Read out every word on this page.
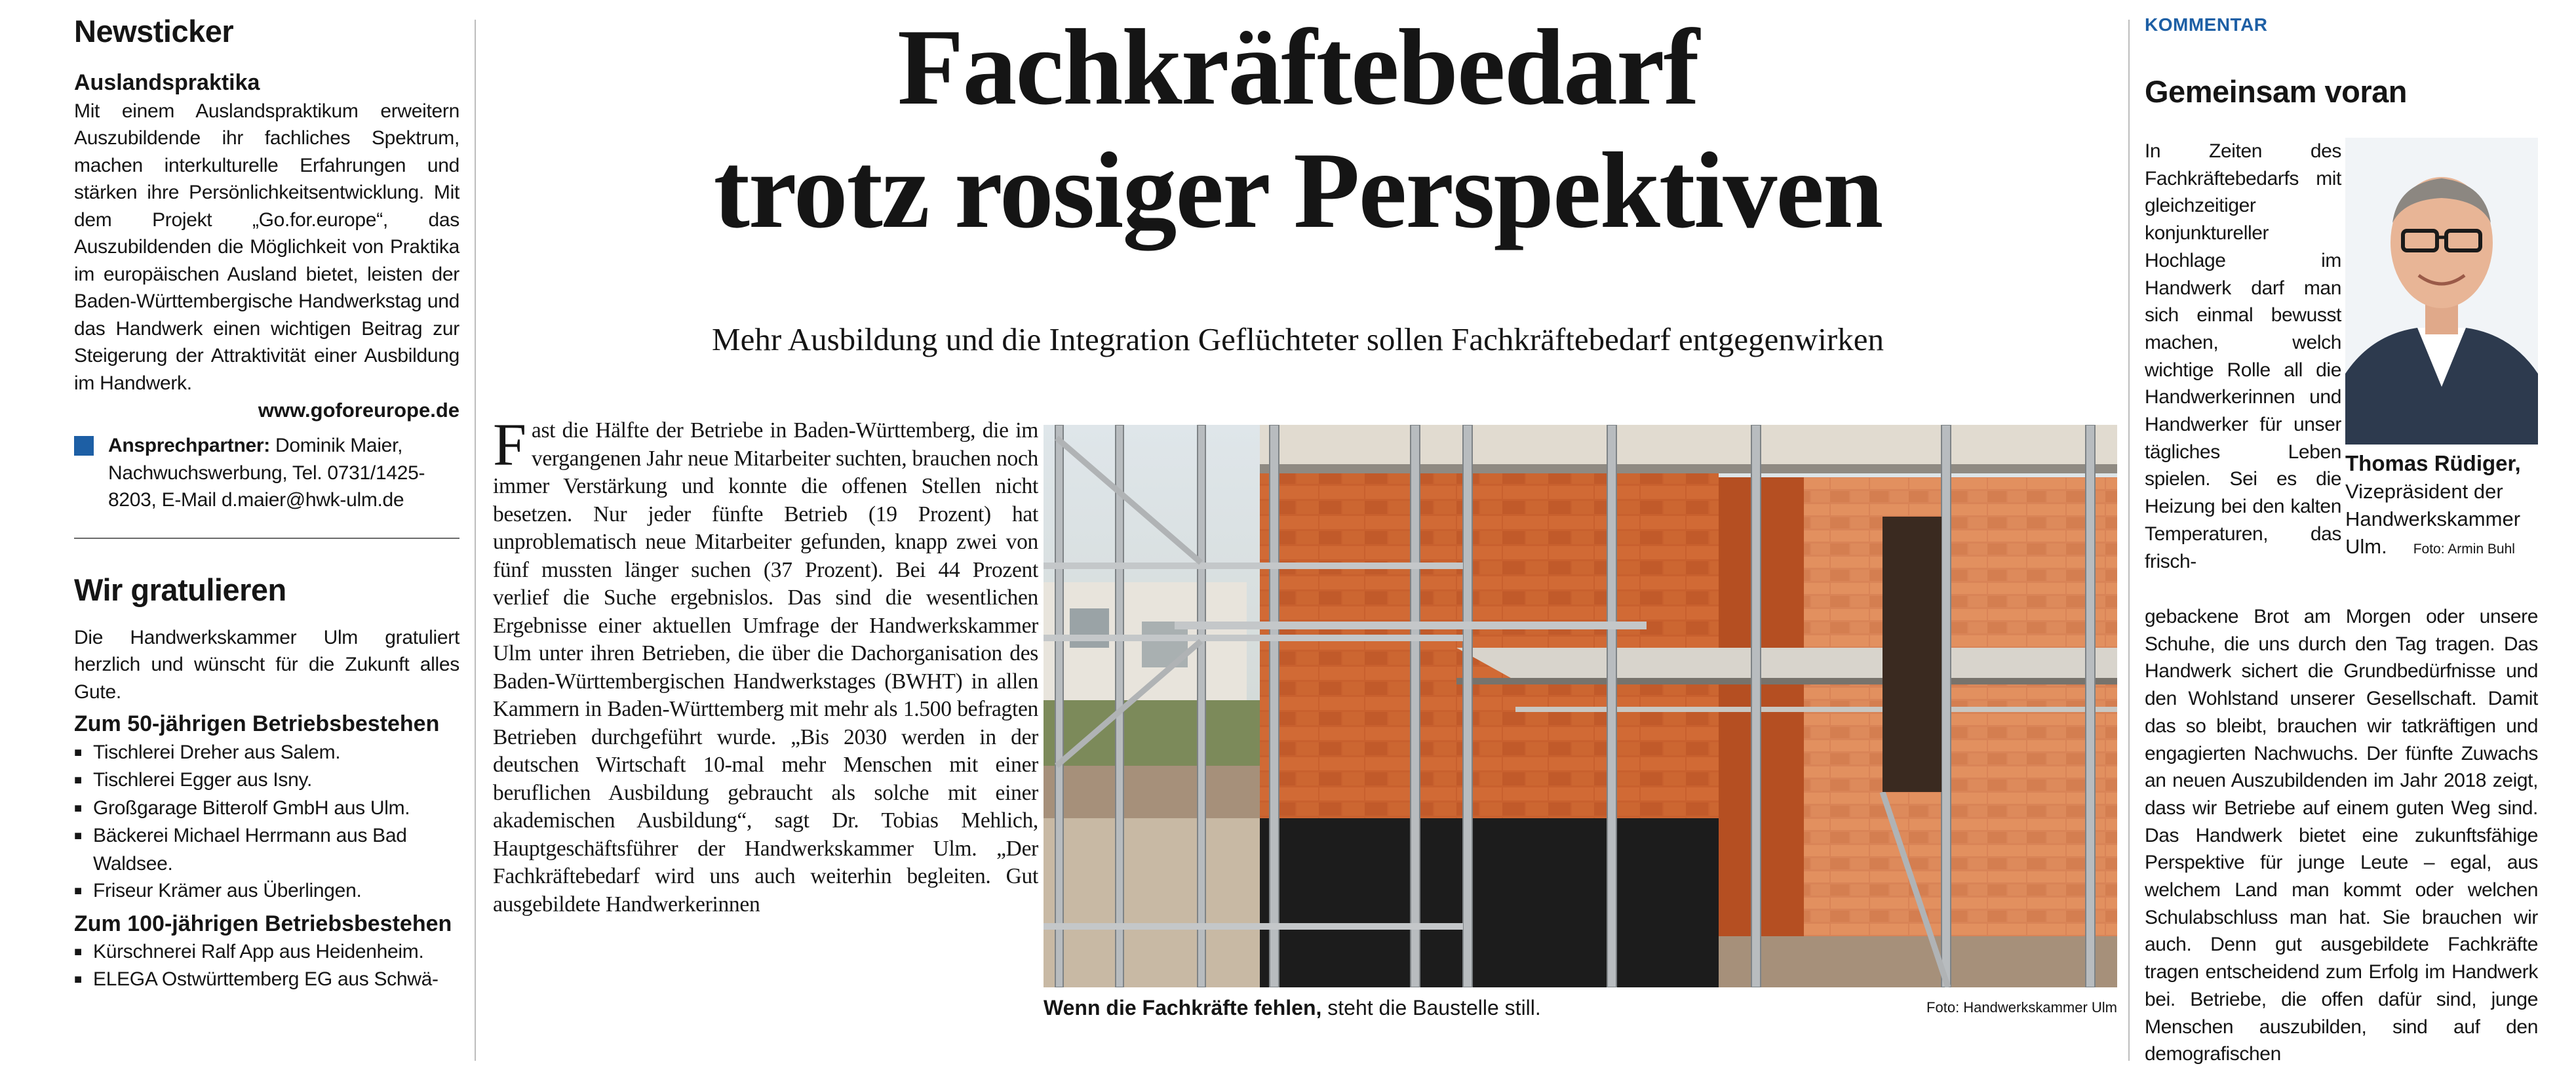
Newsticker
Auslandspraktika
Mit einem Auslandspraktikum erweitern Auszubildende ihr fachliches Spektrum, machen interkulturelle Erfahrungen und stärken ihre Persönlichkeitsentwicklung. Mit dem Projekt „Go.for.europe“, das Auszubildenden die Möglichkeit von Praktika im europäischen Ausland bietet, leisten der Baden-Württembergische Handwerkstag und das Handwerk einen wichtigen Beitrag zur Steigerung der Attraktivität einer Ausbildung im Handwerk.
www.goforeurope.de
Ansprechpartner: Dominik Maier, Nachwuchswerbung, Tel. 0731/1425-8203, E-Mail d.maier@hwk-ulm.de
Wir gratulieren
Die Handwerkskammer Ulm gratuliert herzlich und wünscht für die Zukunft alles Gute.
Zum 50-jährigen Betriebsbestehen
■ Tischlerei Dreher aus Salem.
■ Tischlerei Egger aus Isny.
■ Großgarage Bitterolf GmbH aus Ulm.
■ Bäckerei Michael Herrmann aus Bad Waldsee.
■ Friseur Krämer aus Überlingen.
Zum 100-jährigen Betriebsbestehen
■ Kürschnerei Ralf App aus Heidenheim.
■ ELEGA Ostwürttemberg EG aus Schwä-
Fachkräftebedarf
trotz rosiger Perspektiven
Mehr Ausbildung und die Integration Geflüchteter sollen Fachkräftebedarf entgegenwirken
Fast die Hälfte der Betriebe in Baden-Württemberg, die im vergangenen Jahr neue Mitarbeiter suchten, brauchen noch immer Verstärkung und konnte die offenen Stellen nicht besetzen. Nur jeder fünfte Betrieb (19 Prozent) hat unproblematisch neue Mitarbeiter gefunden, knapp zwei von fünf mussten länger suchen (37 Prozent). Bei 44 Prozent verlief die Suche ergebnislos. Das sind die wesentlichen Ergebnisse einer aktuellen Umfrage der Handwerkskammer Ulm unter ihren Betrieben, die über die Dachorganisation des Baden-Württembergischen Handwerkstages (BWHT) in allen Kammern in Baden-Württemberg mit mehr als 1.500 befragten Betrieben durchgeführt wurde. „Bis 2030 werden in der deutschen Wirtschaft 10-mal mehr Menschen mit einer beruflichen Ausbildung gebraucht als solche mit einer akademischen Ausbildung“, sagt Dr. Tobias Mehlich, Hauptgeschäftsführer der Handwerkskammer Ulm. „Der Fachkräftebedarf wird uns auch weiterhin begleiten. Gut ausgebildete Handwerkerinnen
Wenn die Fachkräfte fehlen, steht die Baustelle still.	Foto: Handwerkskammer Ulm
KOMMENTAR
Gemeinsam voran
In Zeiten des Fachkräftebedarfs mit gleichzeitiger konjunktureller Hochlage im Handwerk darf man sich einmal bewusst machen, welch wichtige Rolle all die Handwerkerinnen und Handwerker für unser tägliches Leben spielen. Sei es die Heizung bei den kalten Temperaturen, das frisch-
Thomas Rüdiger,
Vizepräsident der Handwerkskammer Ulm. Foto: Armin Buhl
gebackene Brot am Morgen oder unsere Schuhe, die uns durch den Tag tragen. Das Handwerk sichert die Grundbedürfnisse und den Wohlstand unserer Gesellschaft. Damit das so bleibt, brauchen wir tatkräftigen und engagierten Nachwuchs. Der fünfte Zuwachs an neuen Auszubildenden im Jahr 2018 zeigt, dass wir Betriebe auf einem guten Weg sind. Das Handwerk bietet eine zukunftsfähige Perspektive für junge Leute – egal, aus welchem Land man kommt oder welchen Schulabschluss man hat. Sie brauchen wir auch. Denn gut ausgebildete Fachkräfte tragen entscheidend zum Erfolg im Handwerk bei. Betriebe, die offen dafür sind, junge Menschen auszubilden, sind auf den demografischen
